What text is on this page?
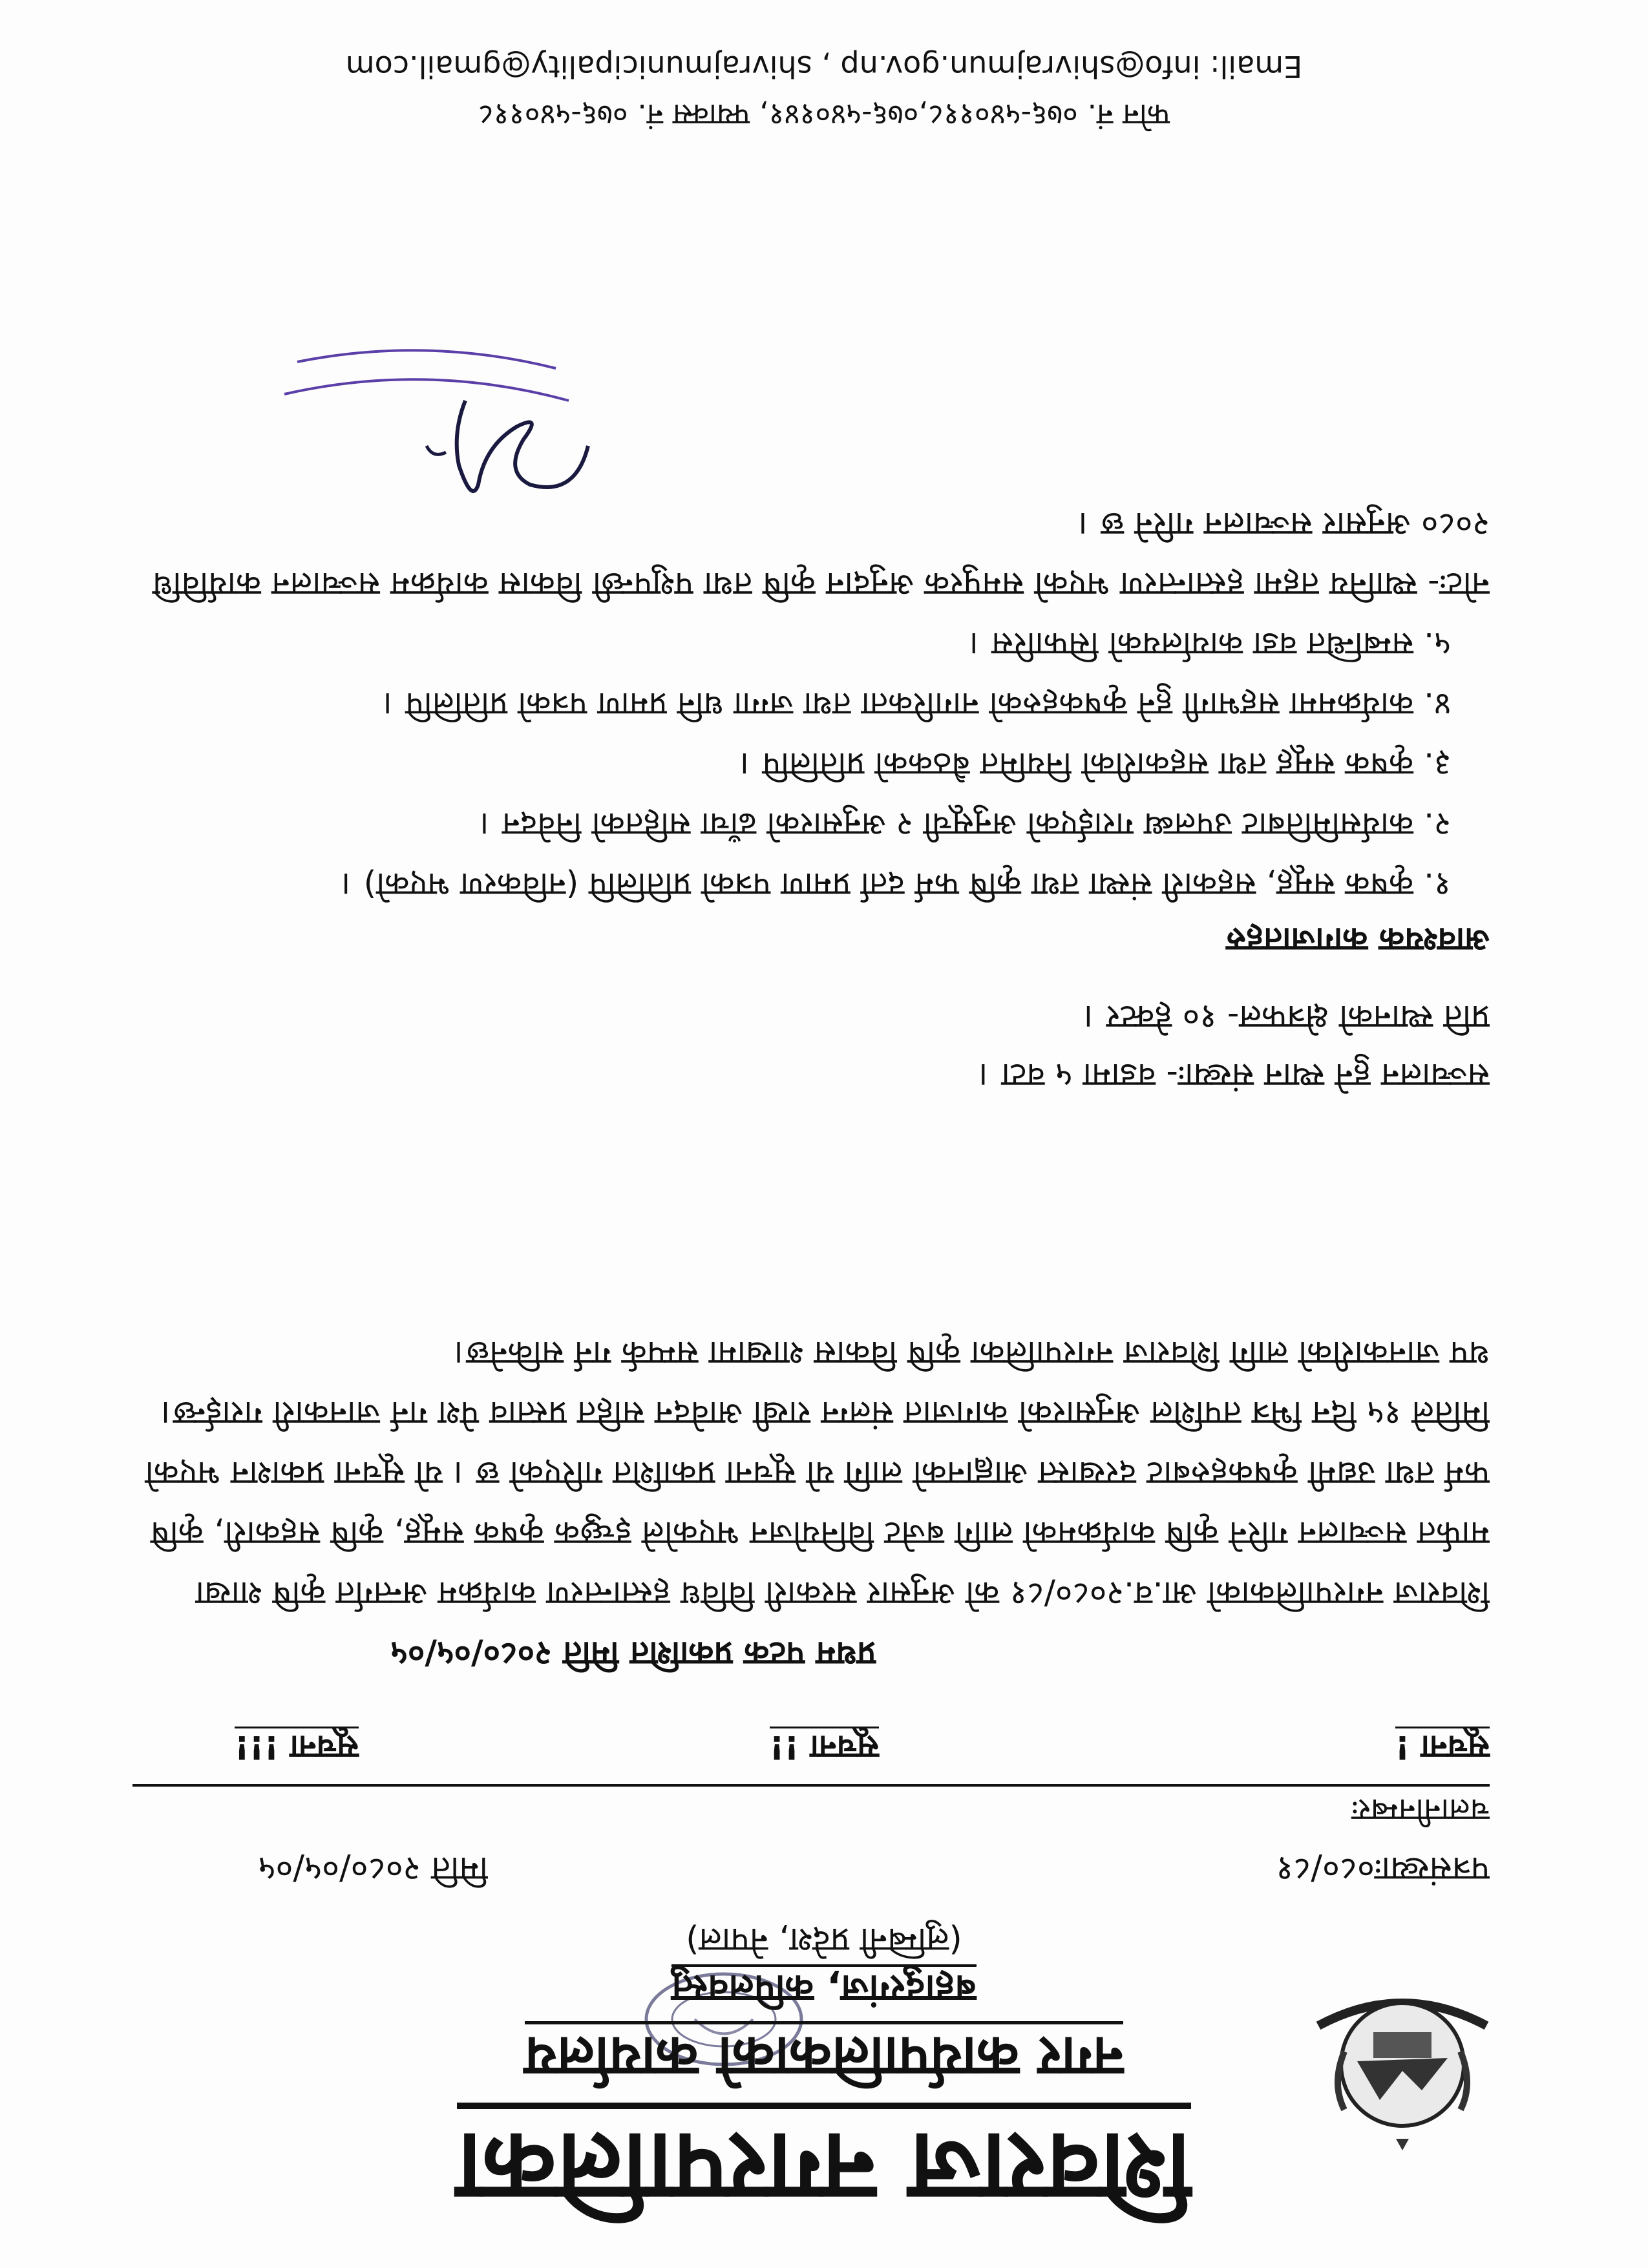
शिवराज नगरपालिका
नगर कार्यपालिकाको कार्यालय
बहादुरगंज, कपिलवस्तु
(लुम्बिनी प्रदेश, नेपाल)
पत्रसंख्याः०८०/८१
मिति २०८०/०५/०५
चलानीनम्बरः
सूचना !
सूचना !!
सूचना !!!
प्रथम पटक प्रकाशित मिति २०८०/०५/०५
शिवराज नगरपालिकाको आ.व.२०८०/८१ को अनुसार सरकारी विविध हस्तान्तरण कार्यक्रम अन्तर्गत कृषि शाखा मार्फत सञ्चालन गरिने कृषि कार्यक्रमको लागि बजेट विनियोजन भएकोले इच्छुक कृषक समूह, कृषि सहकारी, कृषि फर्म तथा उद्यमी कृषकहरुबाट दरखास्त आह्वानको लागि यो सूचना प्रकाशित गरिएको छ । यो सूचना प्रकाशन भएको मितिले १५ दिन भित्र तपशिल अनुसारको कागजात संलग्न राखी आवेदन सहित प्रस्ताव पेश गर्न जानकारी गराईन्छ। थप जानकारीको लागि शिवराज नगरपालिका कृषि विकास शाखामा सम्पर्क गर्न सकिनेछ।
सञ्चालन हुने स्थान संख्याः- वडामा ५ वटा ।
प्रति स्थानको क्षेत्रफल- १० हेक्टर ।
आवश्यक कागजातहरु
१. कृषक समूह, सहकारी संस्था तथा कृषि फर्म दर्ता प्रमाण पत्रको प्रतिलिपि (नविकरण भएको) ।
२. कार्यसमितिबाट उपलब्ध गराईएको अनुसूची २ अनुसारको ढाँचा सहितको निवेदन ।
३. कृषक समूह तथा सहकारीको नियमित बैठकको प्रतिलिपि ।
४. कार्यक्रममा सहभागी हुने कृषकहरुको नागरिकता तथा जग्गा धनि प्रमाण पत्रको प्रतिलिपि ।
५. सम्बन्धित वडा कार्यालयको सिफारिस ।
नोटः- स्थानिय तहमा हस्तान्तरण भएको समपुरक अनुदान कृषि तथा पशुपन्छी विकास कार्यक्रम सञ्चालन कार्यविधि २०८० अनुसार सञ्चालन गरिने छ ।
फोन नं. ०७६-५४०११८,०७६-५४०१४१, फ्याक्स नं. ०७६-५४०११८
Email: info@shivrajmun.gov.np , shivrajmunicipality@gmail.com
